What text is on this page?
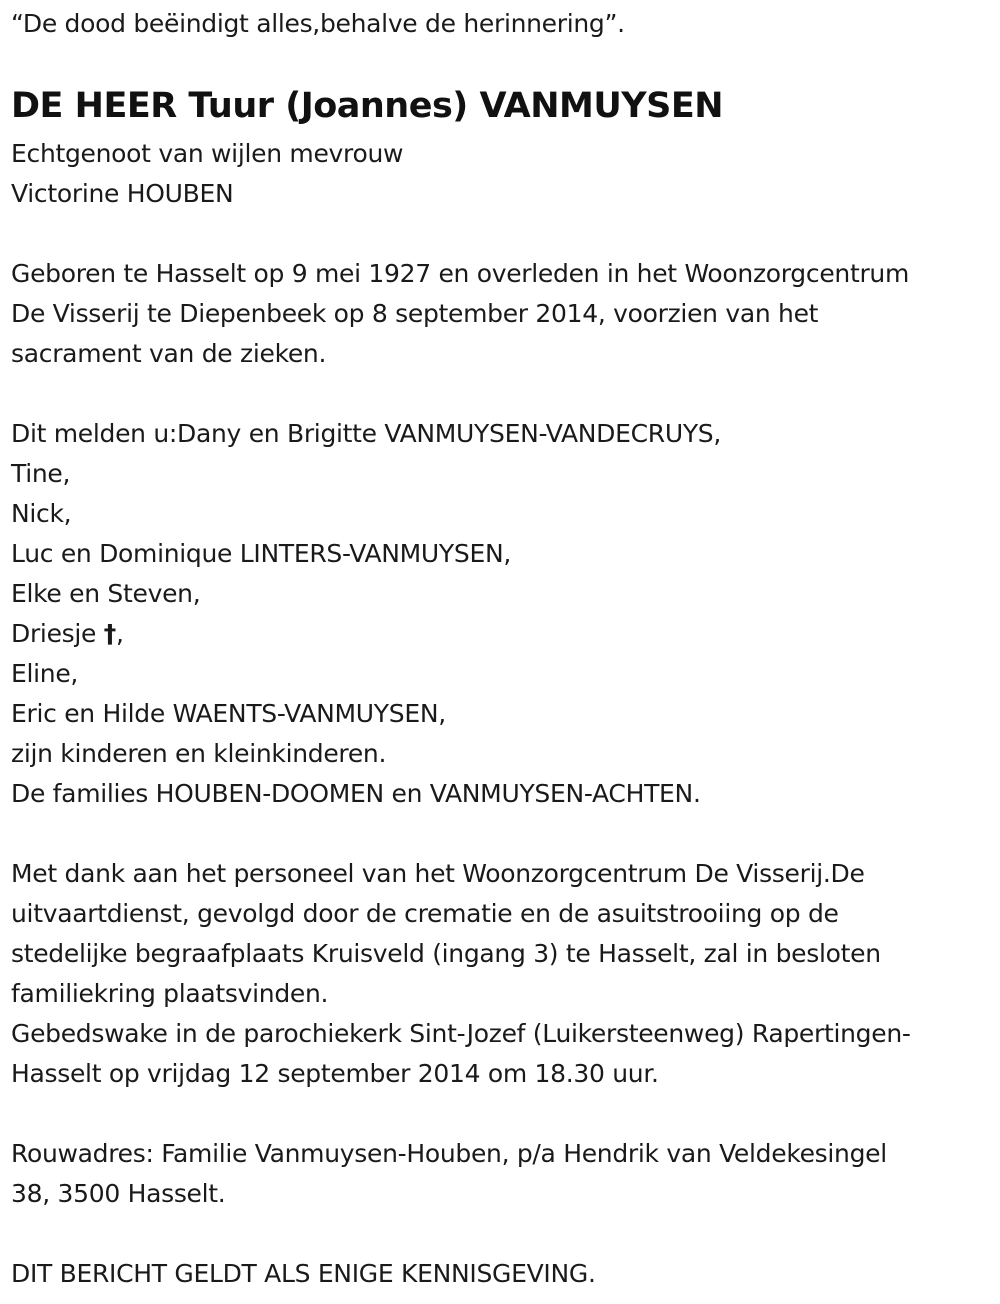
“De dood beëindigt alles,behalve de herinnering”.
DE HEER Tuur (Joannes) VANMUYSEN
Echtgenoot van wijlen mevrouw
Victorine HOUBEN
Geboren te Hasselt op 9 mei 1927 en overleden in het Woonzorgcentrum
De Visserij te Diepenbeek op 8 september 2014, voorzien van het
sacrament van de zieken.
Dit melden u:Dany en Brigitte VANMUYSEN-VANDECRUYS,
Tine,
Nick,
Luc en Dominique LINTERS-VANMUYSEN,
Elke en Steven,
Driesje †,
Eline,
Eric en Hilde WAENTS-VANMUYSEN,
zijn kinderen en kleinkinderen.
De families HOUBEN-DOOMEN en VANMUYSEN-ACHTEN.
Met dank aan het personeel van het Woonzorgcentrum De Visserij.De
uitvaartdienst, gevolgd door de crematie en de asuitstrooiing op de
stedelijke begraafplaats Kruisveld (ingang 3) te Hasselt, zal in besloten
familiekring plaatsvinden.
Gebedswake in de parochiekerk Sint-Jozef (Luikersteenweg) Rapertingen-
Hasselt op vrijdag 12 september 2014 om 18.30 uur.
Rouwadres: Familie Vanmuysen-Houben, p/a Hendrik van Veldekesingel
38, 3500 Hasselt.
DIT BERICHT GELDT ALS ENIGE KENNISGEVING.
